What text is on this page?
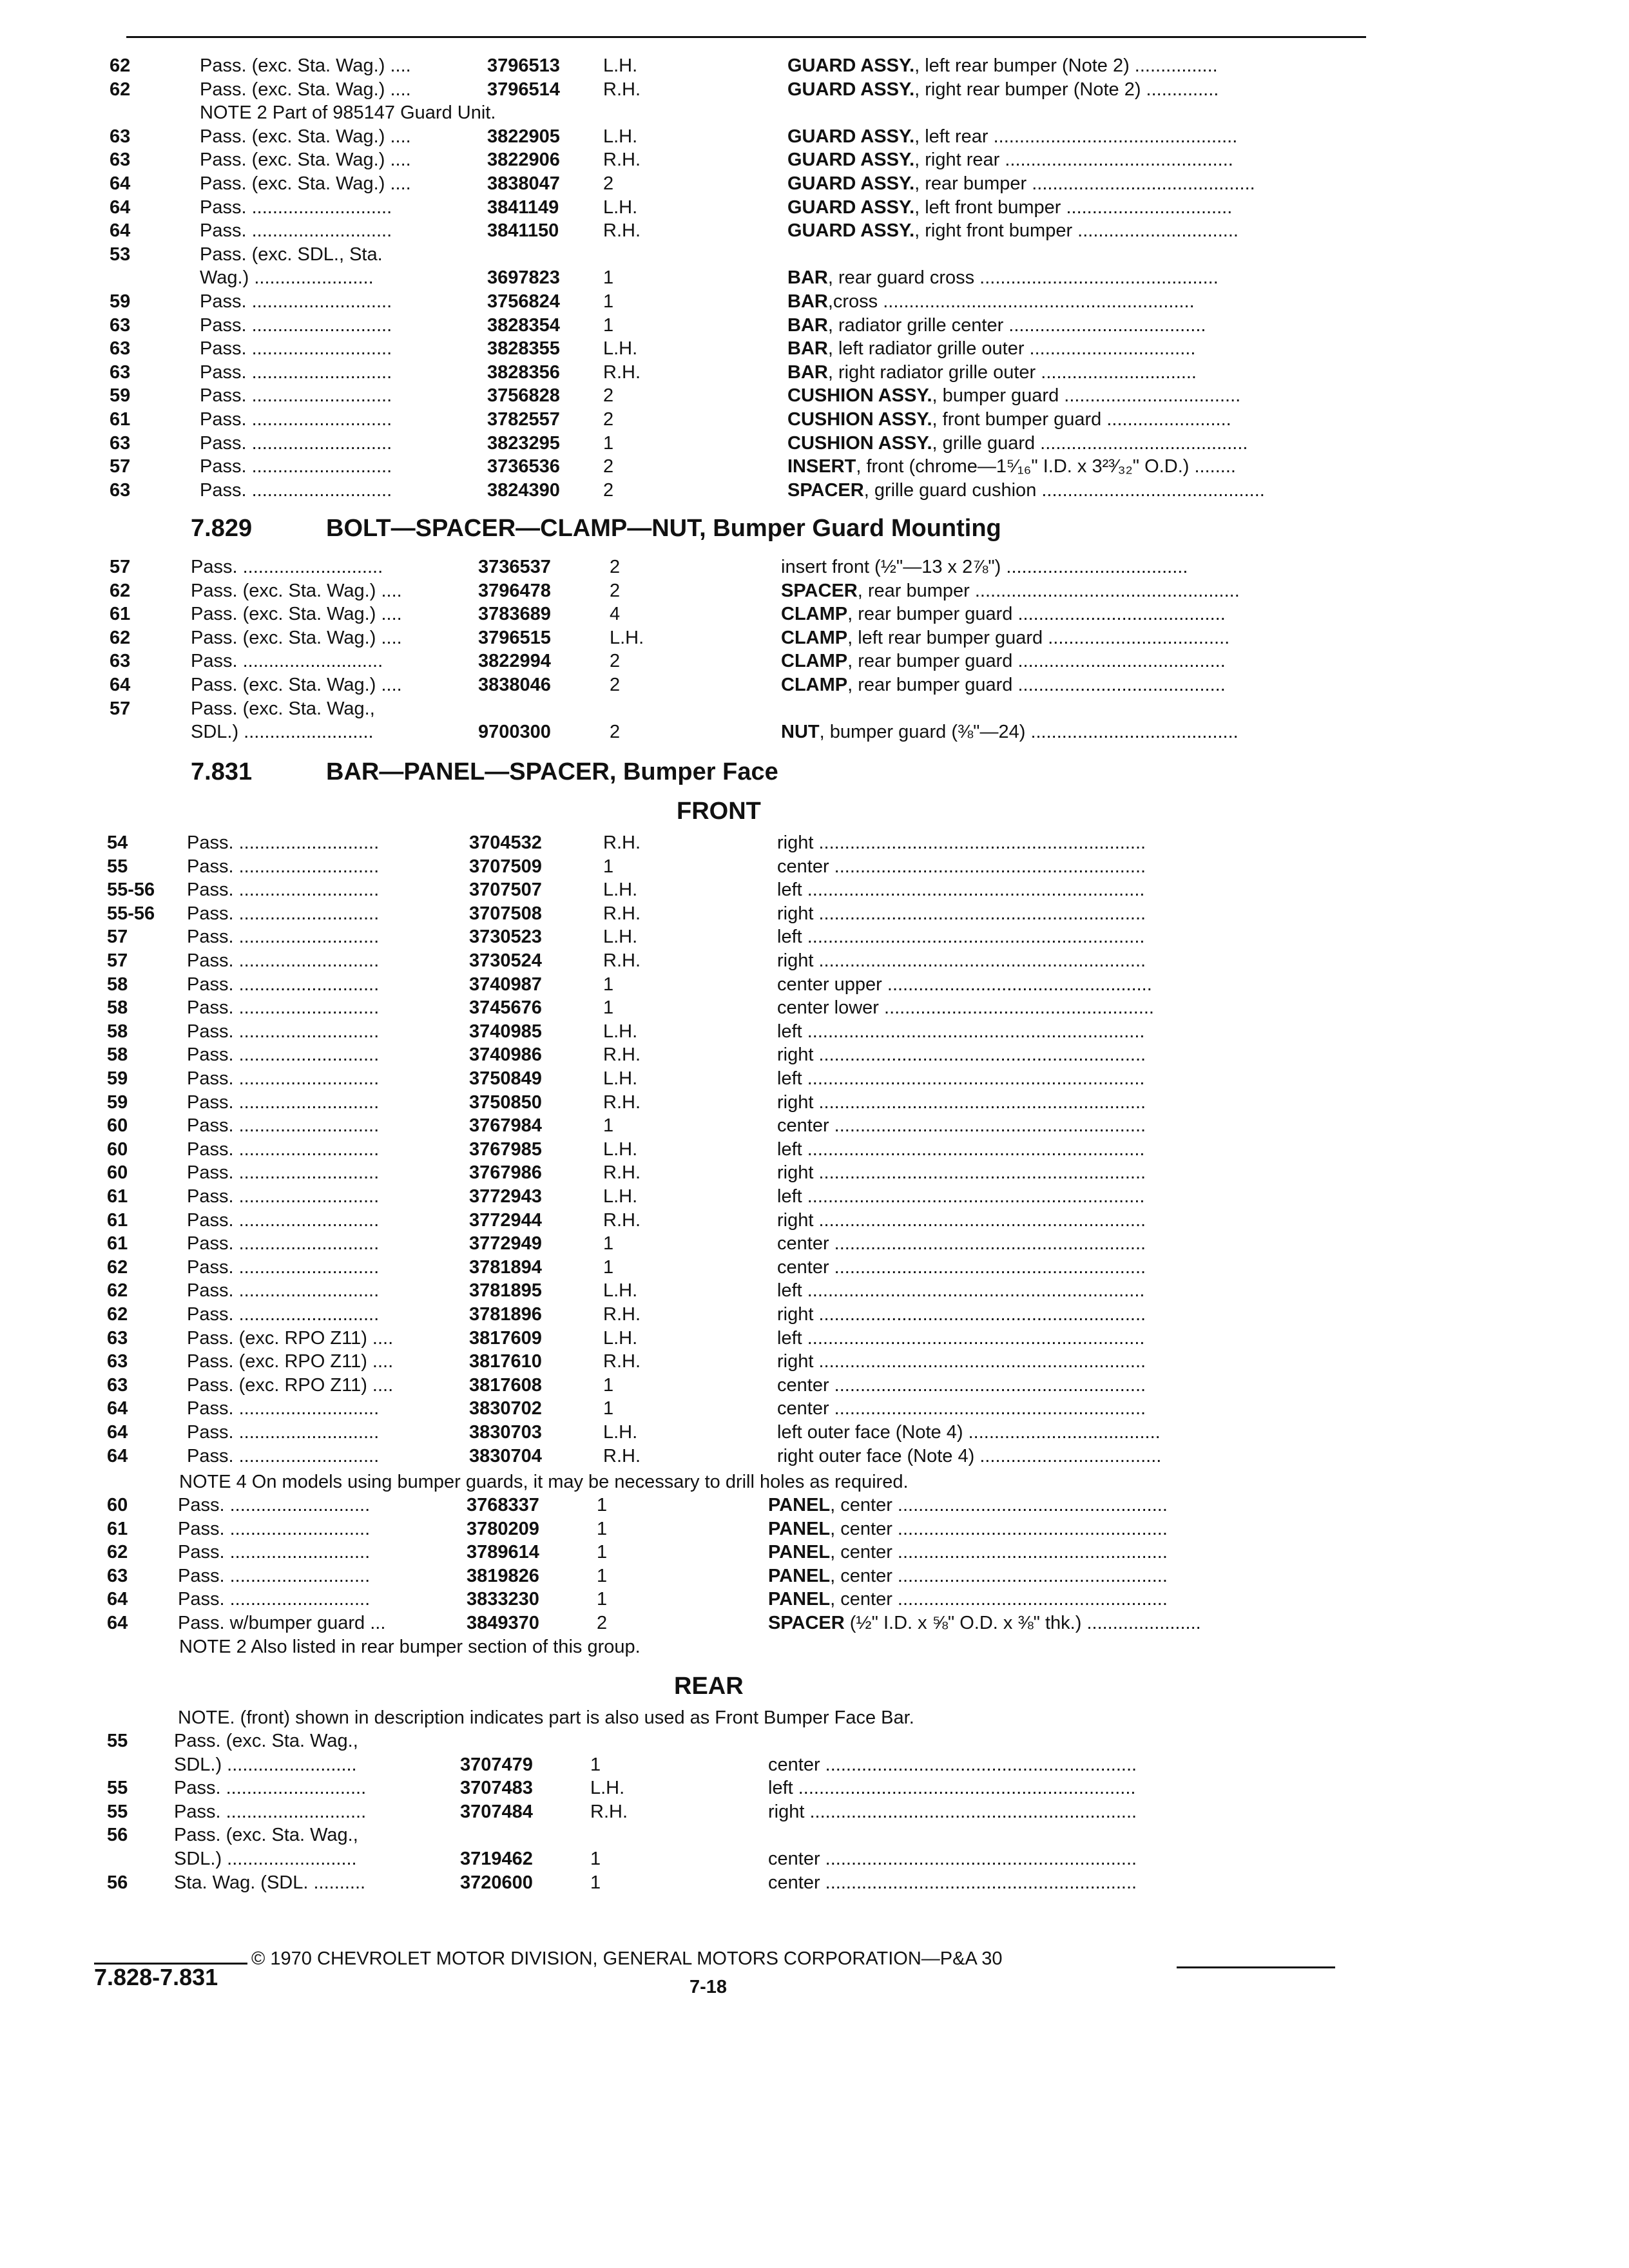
62	Pass. (exc. Sta. Wag.) ....	3796513 L.H.	GUARD ASSY., left rear bumper (Note 2) ................
62	Pass. (exc. Sta. Wag.) ....	3796514 R.H.	GUARD ASSY., right rear bumper (Note 2) ..............
NOTE 2 Part of 985147 Guard Unit.
63	Pass. (exc. Sta. Wag.) ....	3822905 L.H.	GUARD ASSY., left rear ...............................................
63	Pass. (exc. Sta. Wag.) ....	3822906 R.H.	GUARD ASSY., right rear ............................................
64	Pass. (exc. Sta. Wag.) ....	3838047 2	GUARD ASSY., rear bumper ...........................................
64	Pass. ...........................	3841149 L.H.	GUARD ASSY., left front bumper ................................
64	Pass. ...........................	3841150 R.H.	GUARD ASSY., right front bumper ...............................
53	Pass. (exc. SDL., Sta.
Wag.) .......................	3697823 1	BAR, rear guard cross ..............................................
59	Pass. ...........................	3756824 1	BAR,cross ............................................................
63	Pass. ...........................	3828354 1	BAR, radiator grille center ......................................
63	Pass. ...........................	3828355 L.H.	BAR, left radiator grille outer ................................
63	Pass. ...........................	3828356 R.H.	BAR, right radiator grille outer ..............................
59	Pass. ...........................	3756828 2	CUSHION ASSY., bumper guard ..................................
61	Pass. ...........................	3782557 2	CUSHION ASSY., front bumper guard ........................
63	Pass. ...........................	3823295 1	CUSHION ASSY., grille guard ........................................
57	Pass. ...........................	3736536 2	INSERT, front (chrome—1⁵⁄₁₆" I.D. x 3²³⁄₃₂" O.D.) ........
63	Pass. ...........................	3824390 2	SPACER, grille guard cushion ...........................................
7.829	BOLT—SPACER—CLAMP—NUT, Bumper Guard Mounting
57	Pass. ...........................	3736537	2	insert front (½"—13 x 2⅞") ...................................
62	Pass. (exc. Sta. Wag.) ....	3796478	2	SPACER, rear bumper ...................................................
61	Pass. (exc. Sta. Wag.) ....	3783689	4	CLAMP, rear bumper guard ........................................
62	Pass. (exc. Sta. Wag.) ....	3796515	L.H.	CLAMP, left rear bumper guard ...................................
63	Pass. ...........................	3822994	2	CLAMP, rear bumper guard ........................................
64	Pass. (exc. Sta. Wag.) ....	3838046	2	CLAMP, rear bumper guard ........................................
57	Pass. (exc. Sta. Wag.,
SDL.) .........................	9700300	2	NUT, bumper guard (⅜"—24) ........................................
7.831	BAR—PANEL—SPACER, Bumper Face
FRONT
54	Pass. ...........................	3704532	R.H.	right ...............................................................
55	Pass. ...........................	3707509	1	center ............................................................
55-56	Pass. ...........................	3707507	L.H.	left .................................................................
55-56	Pass. ...........................	3707508	R.H.	right ...............................................................
57	Pass. ...........................	3730523	L.H.	left .................................................................
57	Pass. ...........................	3730524	R.H.	right ...............................................................
58	Pass. ...........................	3740987	1	center upper ...................................................
58	Pass. ...........................	3745676	1	center lower ....................................................
58	Pass. ...........................	3740985	L.H.	left .................................................................
58	Pass. ...........................	3740986	R.H.	right ...............................................................
59	Pass. ...........................	3750849	L.H.	left .................................................................
59	Pass. ...........................	3750850	R.H.	right ...............................................................
60	Pass. ...........................	3767984	1	center ............................................................
60	Pass. ...........................	3767985	L.H.	left .................................................................
60	Pass. ...........................	3767986	R.H.	right ...............................................................
61	Pass. ...........................	3772943	L.H.	left .................................................................
61	Pass. ...........................	3772944	R.H.	right ...............................................................
61	Pass. ...........................	3772949	1	center ............................................................
62	Pass. ...........................	3781894	1	center ............................................................
62	Pass. ...........................	3781895	L.H.	left .................................................................
62	Pass. ...........................	3781896	R.H.	right ...............................................................
63	Pass. (exc. RPO Z11) ....	3817609	L.H.	left .................................................................
63	Pass. (exc. RPO Z11) ....	3817610	R.H.	right ...............................................................
63	Pass. (exc. RPO Z11) ....	3817608	1	center ............................................................
64	Pass. ...........................	3830702	1	center ............................................................
64	Pass. ...........................	3830703	L.H.	left outer face (Note 4) .....................................
64	Pass. ...........................	3830704	R.H.	right outer face (Note 4) ...................................
NOTE 4 On models using bumper guards, it may be necessary to drill holes as required.
60	Pass. ...........................	3768337	1	PANEL, center ....................................................
61	Pass. ...........................	3780209	1	PANEL, center ....................................................
62	Pass. ...........................	3789614	1	PANEL, center ....................................................
63	Pass. ...........................	3819826	1	PANEL, center ....................................................
64	Pass. ...........................	3833230	1	PANEL, center ....................................................
64	Pass. w/bumper guard ...	3849370	2	SPACER (½" I.D. x ⅝" O.D. x ⅜" thk.) ......................
NOTE 2 Also listed in rear bumper section of this group.
REAR
NOTE. (front) shown in description indicates part is also used as Front Bumper Face Bar.
55	Pass. (exc. Sta. Wag.,
SDL.) .........................	3707479	1	center ............................................................
55	Pass. ...........................	3707483	L.H.	left .................................................................
55	Pass. ...........................	3707484	R.H.	right ...............................................................
56	Pass. (exc. Sta. Wag.,
SDL.) .........................	3719462	1	center ............................................................
56	Sta. Wag. (SDL. ..........	3720600	1	center ............................................................
© 1970 CHEVROLET MOTOR DIVISION, GENERAL MOTORS CORPORATION—P&A 30
7.828-7.831	7-18
